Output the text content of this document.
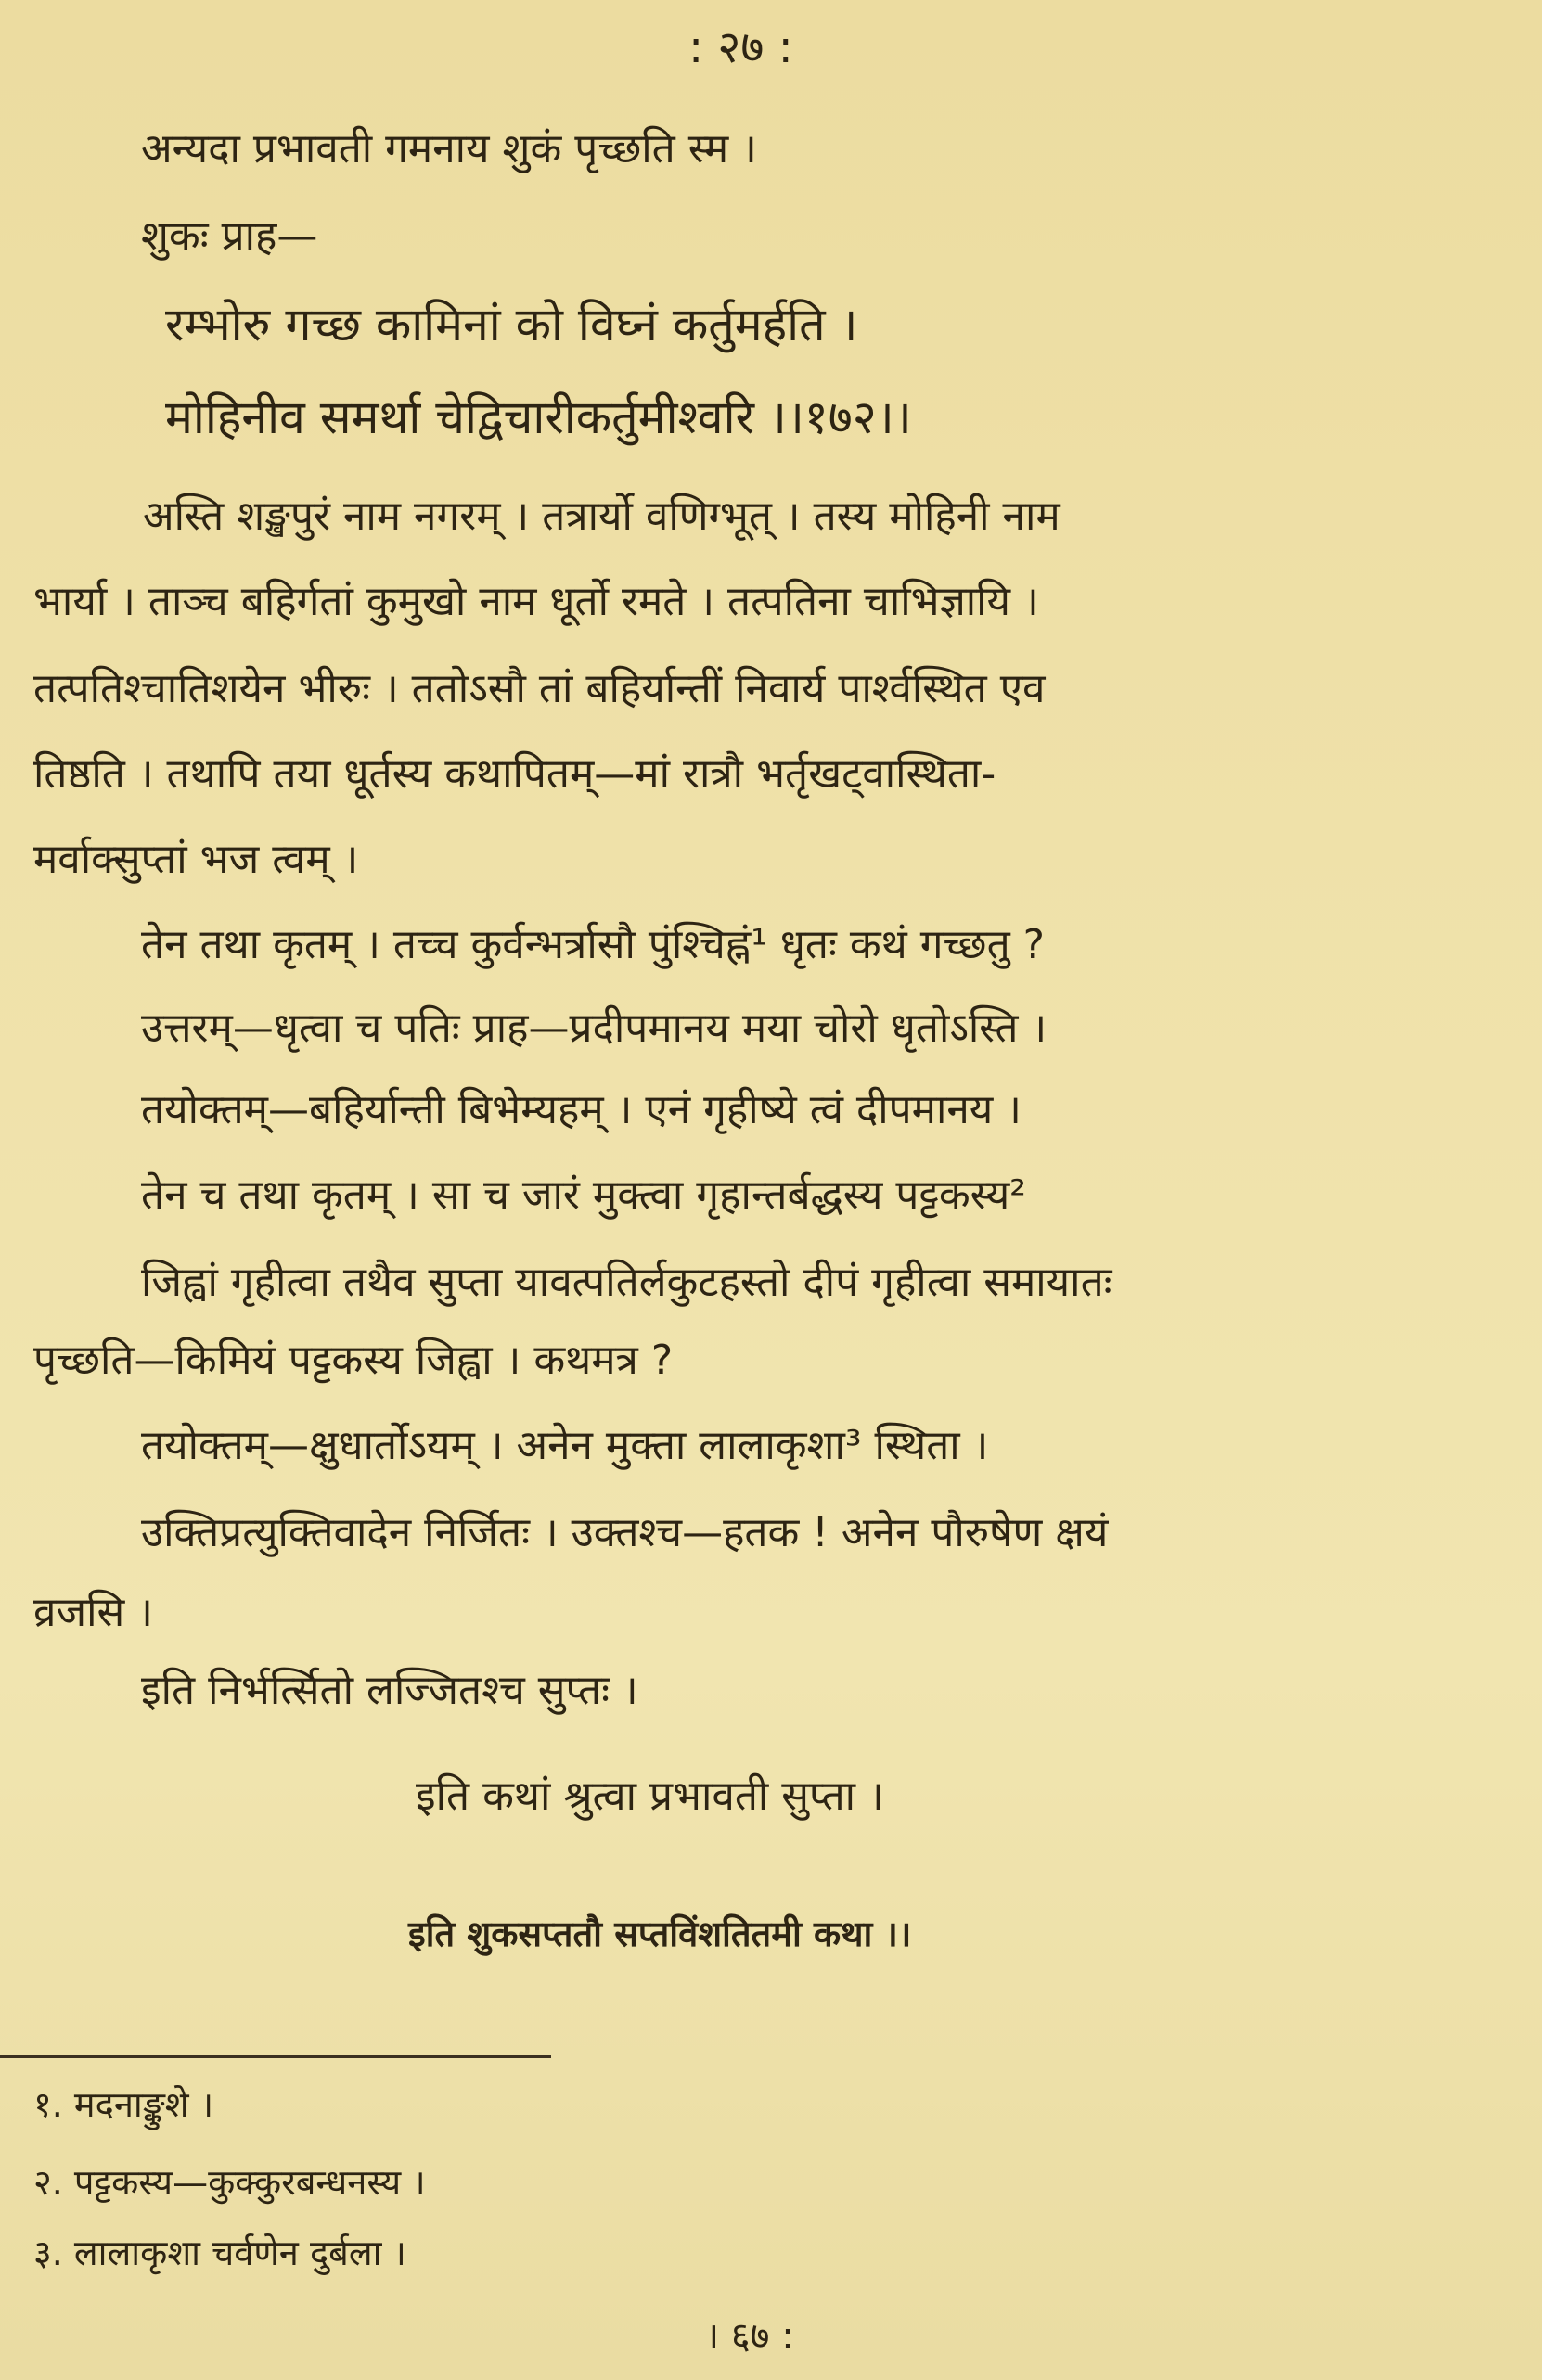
: २७ :
अन्यदा प्रभावती गमनाय शुकं पृच्छति स्म ।
शुकः प्राह—
रम्भोरु गच्छ कामिनां को विघ्नं कर्तुमर्हति ।
मोहिनीव समर्था चेद्विचारीकर्तुमीश्वरि ।।१७२।।
अस्ति शङ्खपुरं नाम नगरम् । तत्रार्यो वणिग्भूत् । तस्य मोहिनी नाम
भार्या । ताञ्च बहिर्गतां कुमुखो नाम धूर्तो रमते । तत्पतिना चाभिज्ञायि ।
तत्पतिश्चातिशयेन भीरुः । ततोऽसौ तां बहिर्यान्तीं निवार्य पार्श्वस्थित एव
तिष्ठति । तथापि तया धूर्तस्य कथापितम्—मां रात्रौ भर्तृखट्वास्थिता-
मर्वाक्सुप्तां भज त्वम् ।
तेन तथा कृतम् । तच्च कुर्वन्भर्त्रासौ पुंश्चिह्नं¹ धृतः कथं गच्छतु ?
उत्तरम्—धृत्वा च पतिः प्राह—प्रदीपमानय मया चोरो धृतोऽस्ति ।
तयोक्तम्—बहिर्यान्ती बिभेम्यहम् । एनं गृहीष्ये त्वं दीपमानय ।
तेन च तथा कृतम् । सा च जारं मुक्त्वा गृहान्तर्बद्धस्य पट्टकस्य²
जिह्वां गृहीत्वा तथैव सुप्ता यावत्पतिर्लकुटहस्तो दीपं गृहीत्वा समायातः
पृच्छति—किमियं पट्टकस्य जिह्वा । कथमत्र ?
तयोक्तम्—क्षुधार्तोऽयम् । अनेन मुक्ता लालाकृशा³ स्थिता ।
उक्तिप्रत्युक्तिवादेन निर्जितः । उक्तश्च—हतक ! अनेन पौरुषेण क्षयं
व्रजसि ।
इति निर्भर्त्सितो लज्जितश्च सुप्तः ।
इति कथां श्रुत्वा प्रभावती सुप्ता ।
इति शुकसप्ततौ सप्तविंशतितमी कथा ।।
१. मदनाङ्कुशे ।
२. पट्टकस्य—कुक्कुरबन्धनस्य ।
३. लालाकृशा चर्वणेन दुर्बला ।
। ६७ :
